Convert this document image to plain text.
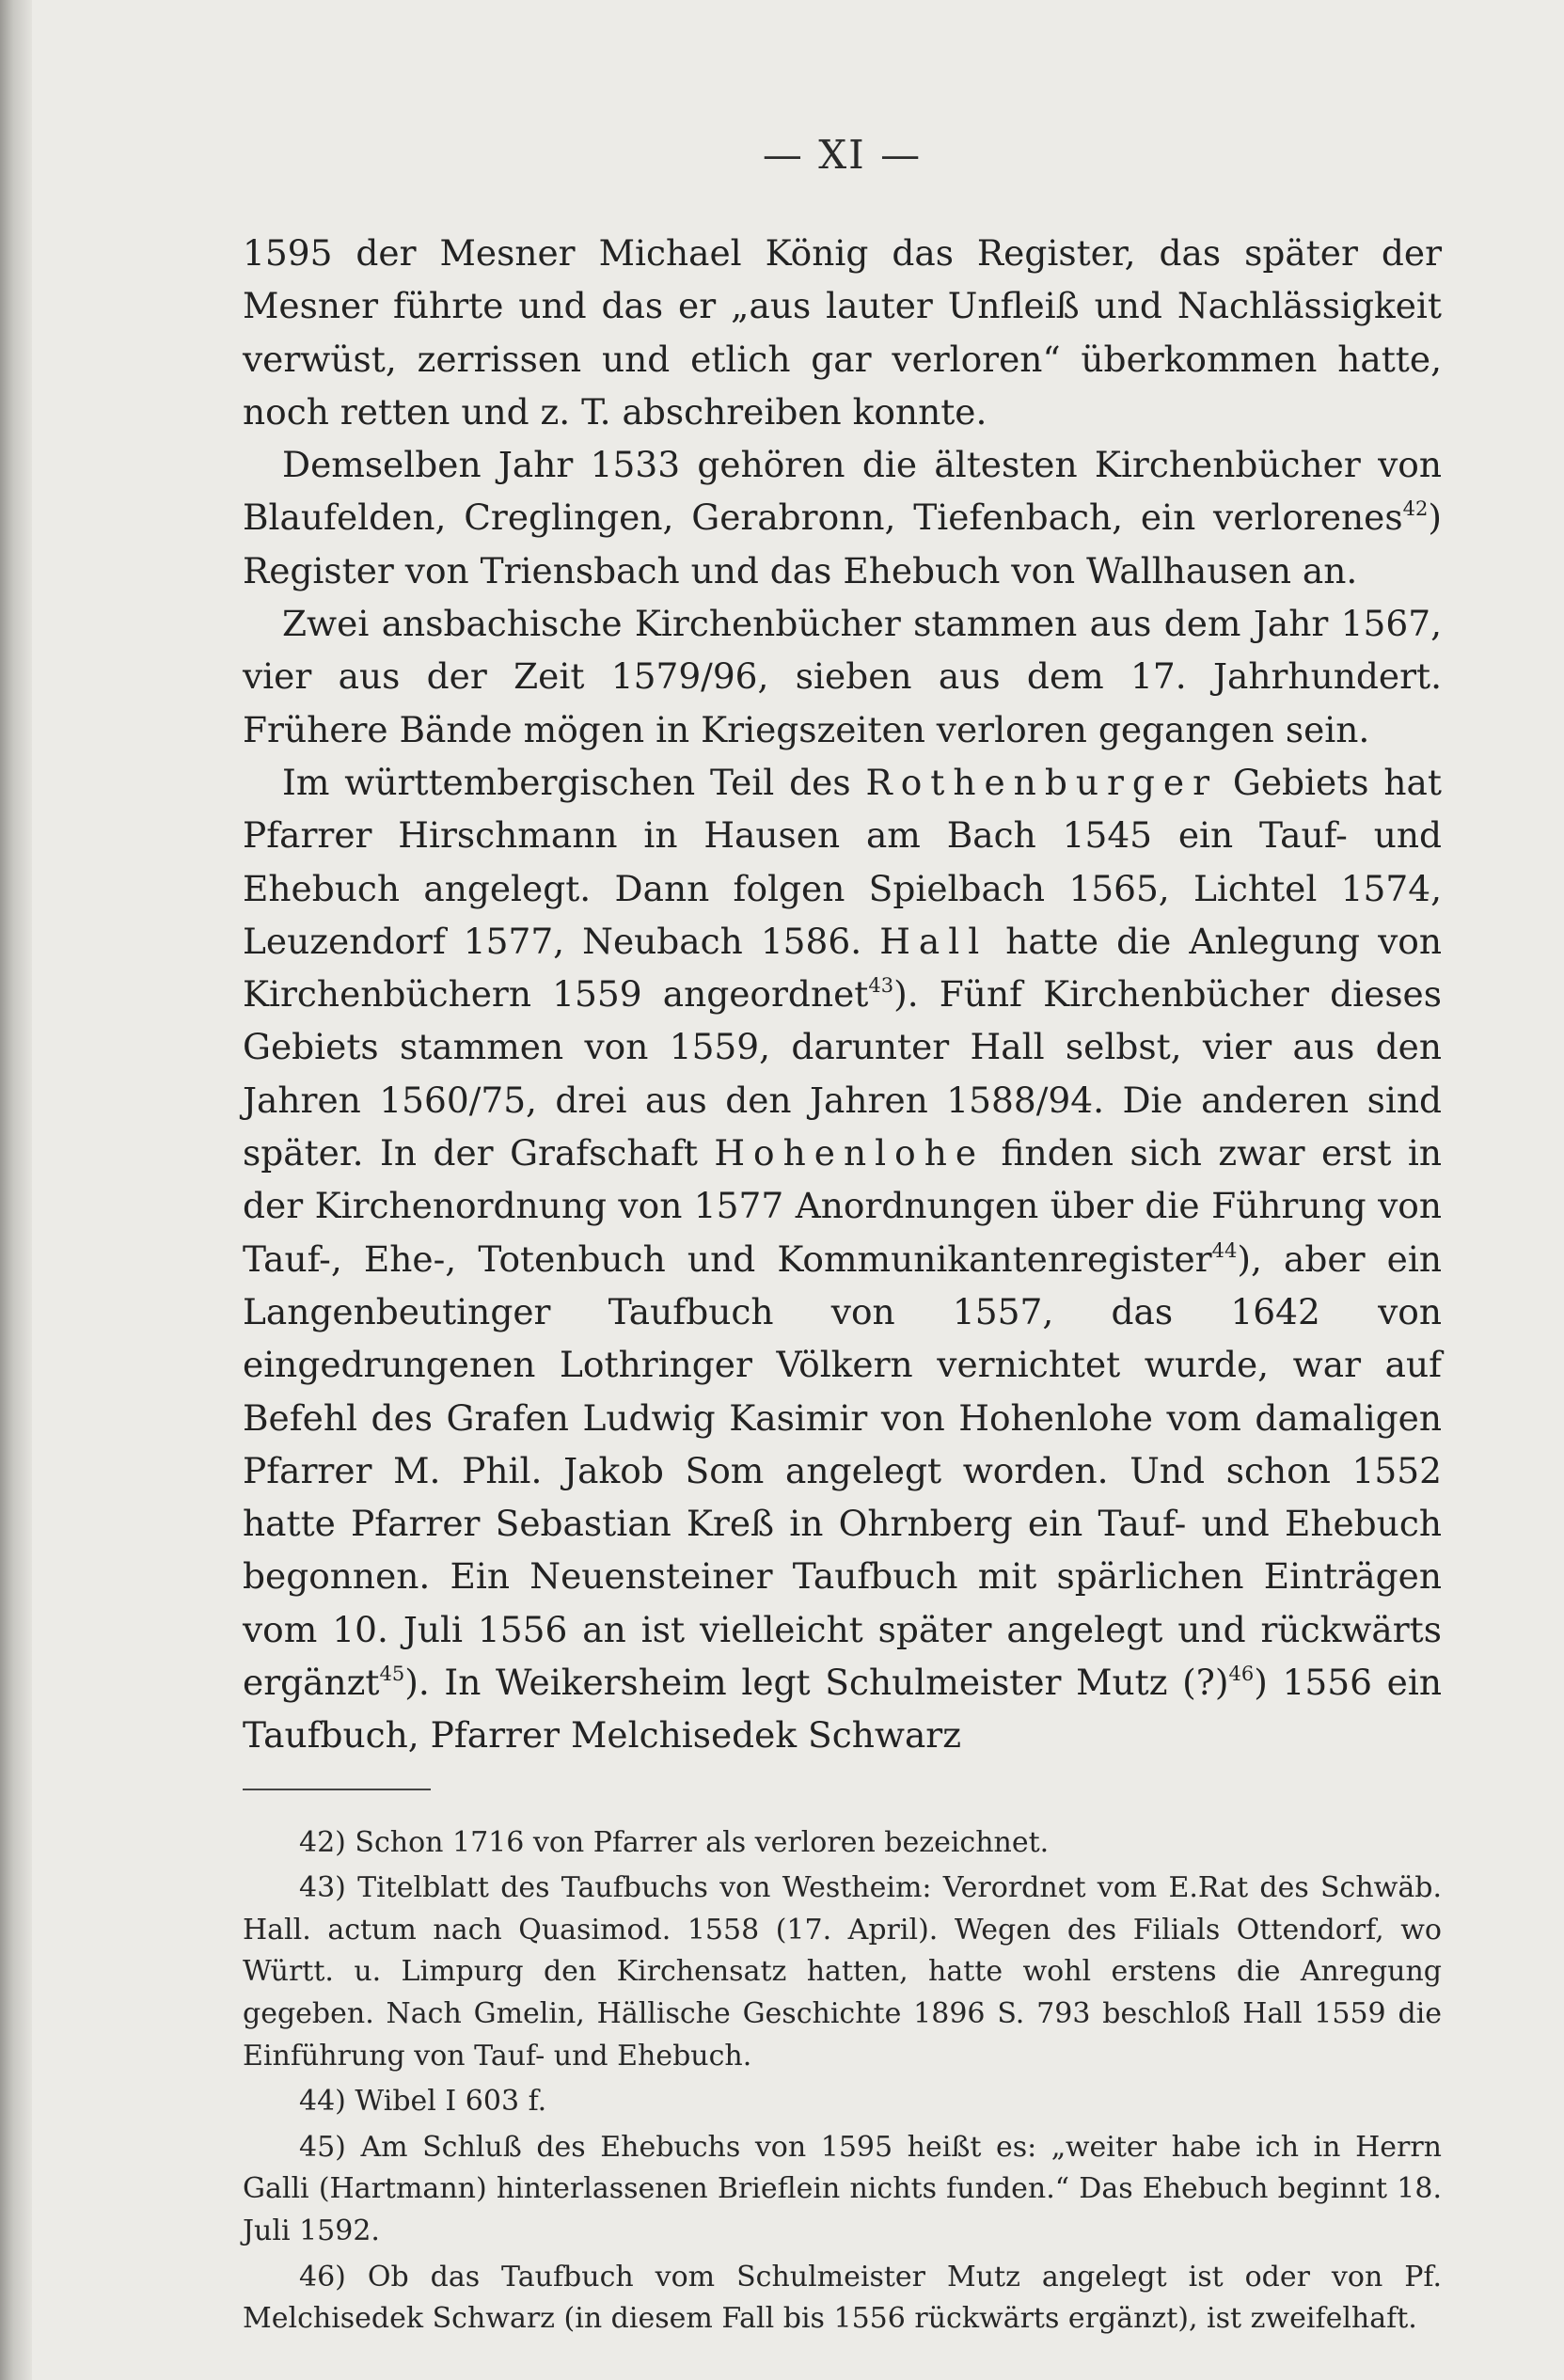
— XI —

1595 der Mesner Michael König das Register, das später der Mesner führte und das er „aus lauter Unfleiß und Nachlässigkeit verwüst, zerrissen und etlich gar verloren“ überkommen hatte, noch retten und z. T. abschreiben konnte.

Demselben Jahr 1533 gehören die ältesten Kirchenbücher von Blaufelden, Creglingen, Gerabronn, Tiefenbach, ein verlorenes$^{42}$) Register von Triensbach und das Ehebuch von Wallhausen an.

Zwei ansbachische Kirchenbücher stammen aus dem Jahr 1567, vier aus der Zeit 1579/96, sieben aus dem 17. Jahrhundert. Frühere Bände mögen in Kriegszeiten verloren gegangen sein.

Im württembergischen Teil des Rothenburger Gebiets hat Pfarrer Hirschmann in Hausen am Bach 1545 ein Tauf- und Ehebuch angelegt. Dann folgen Spielbach 1565, Lichtel 1574, Leuzendorf 1577, Neubach 1586. Hall hatte die Anlegung von Kirchenbüchern 1559 angeordnet$^{43}$). Fünf Kirchenbücher dieses Gebiets stammen von 1559, darunter Hall selbst, vier aus den Jahren 1560/75, drei aus den Jahren 1588/94. Die anderen sind später. In der Grafschaft Hohenlohe finden sich zwar erst in der Kirchenordnung von 1577 Anordnungen über die Führung von Tauf-, Ehe-, Totenbuch und Kommunikantenregister$^{44}$), aber ein Langenbeutinger Taufbuch von 1557, das 1642 von eingedrungenen Lothringer Völkern vernichtet wurde, war auf Befehl des Grafen Ludwig Kasimir von Hohenlohe vom damaligen Pfarrer M. Phil. Jakob Som angelegt worden. Und schon 1552 hatte Pfarrer Sebastian Kreß in Ohrnberg ein Tauf- und Ehebuch begonnen. Ein Neuensteiner Taufbuch mit spärlichen Einträgen vom 10. Juli 1556 an ist vielleicht später angelegt und rückwärts ergänzt$^{45}$). In Weikersheim legt Schulmeister Mutz (?)$^{46}$) 1556 ein Taufbuch, Pfarrer Melchisedek Schwarz

42) Schon 1716 von Pfarrer als verloren bezeichnet.

43) Titelblatt des Taufbuchs von Westheim: Verordnet vom E.Rat des Schwäb. Hall. actum nach Quasimod. 1558 (17. April). Wegen des Filials Ottendorf, wo Württ. u. Limpurg den Kirchensatz hatten, hatte wohl erstens die Anregung gegeben. Nach Gmelin, Hällische Geschichte 1896 S. 793 beschloß Hall 1559 die Einführung von Tauf- und Ehebuch.

44) Wibel I 603 f.

45) Am Schluß des Ehebuchs von 1595 heißt es: „weiter habe ich in Herrn Galli (Hartmann) hinterlassenen Brieflein nichts funden.“ Das Ehebuch beginnt 18. Juli 1592.

46) Ob das Taufbuch vom Schulmeister Mutz angelegt ist oder von Pf. Melchisedek Schwarz (in diesem Fall bis 1556 rückwärts ergänzt), ist zweifelhaft.
